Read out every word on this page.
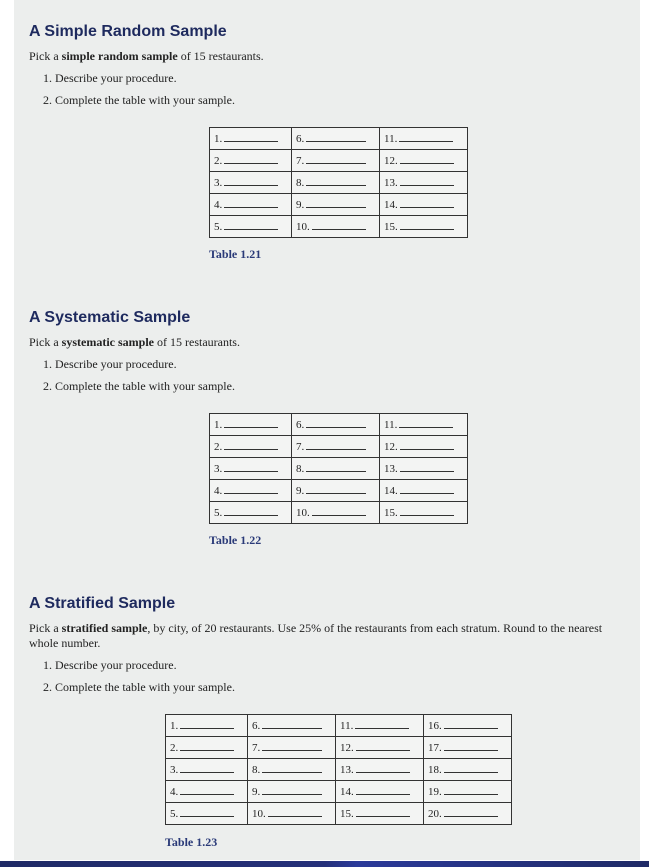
A Simple Random Sample

Pick a simple random sample of 15 restaurants.

1. Describe your procedure.
2. Complete the table with your sample.
1.	6.	11.
2.	7.	12.
3.	8.	13.
4.	9.	14.
5.	10.	15.
Table 1.21
A Systematic Sample

Pick a systematic sample of 15 restaurants.

1. Describe your procedure.
2. Complete the table with your sample.
1.	6.	11.
2.	7.	12.
3.	8.	13.
4.	9.	14.
5.	10.	15.
Table 1.22
A Stratified Sample

Pick a stratified sample, by city, of 20 restaurants. Use 25% of the restaurants from each stratum. Round to the nearest whole number.

1. Describe your procedure.
2. Complete the table with your sample.
1.	6.	11.	16.
2.	7.	12.	17.
3.	8.	13.	18.
4.	9.	14.	19.
5.	10.	15.	20.
Table 1.23
